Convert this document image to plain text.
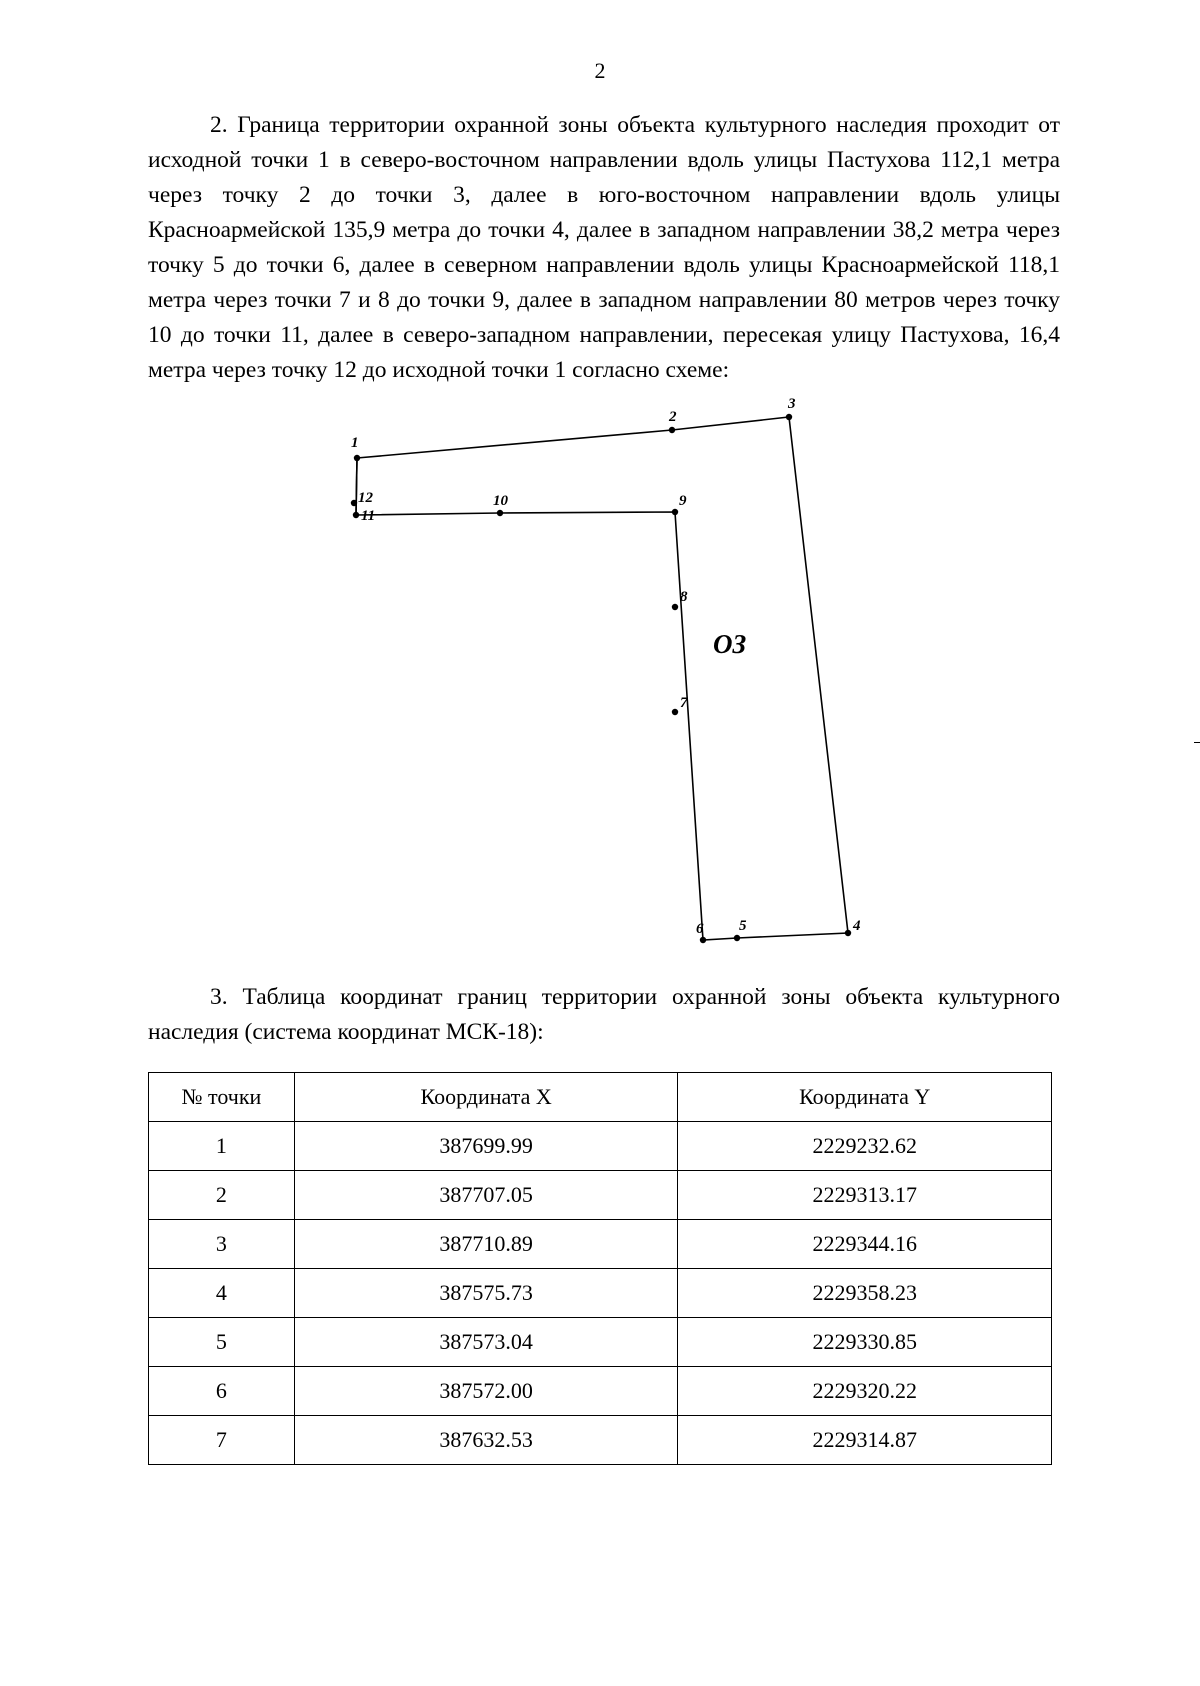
2
2. Граница территории охранной зоны объекта культурного наследия проходит от исходной точки 1 в северо-восточном направлении вдоль улицы Пастухова 112,1 метра через точку 2 до точки 3, далее в юго-восточном направлении вдоль улицы Красноармейской 135,9 метра до точки 4, далее в западном направлении 38,2 метра через точку 5 до точки 6, далее в северном направлении вдоль улицы Красноармейской 118,1 метра через точки 7 и 8 до точки 9, далее в западном направлении 80 метров через точку 10 до точки 11, далее в северо-западном направлении, пересекая улицу Пастухова, 16,4 метра через точку 12 до исходной точки 1 согласно схеме:
1
2
3
4
5
6
7
8
9
10
11
12
ОЗ
3. Таблица координат границ территории охранной зоны объекта культурного наследия (система координат МСК-18):
№ точки	Координата X	Координата Y
1	387699.99	2229232.62
2	387707.05	2229313.17
3	387710.89	2229344.16
4	387575.73	2229358.23
5	387573.04	2229330.85
6	387572.00	2229320.22
7	387632.53	2229314.87
